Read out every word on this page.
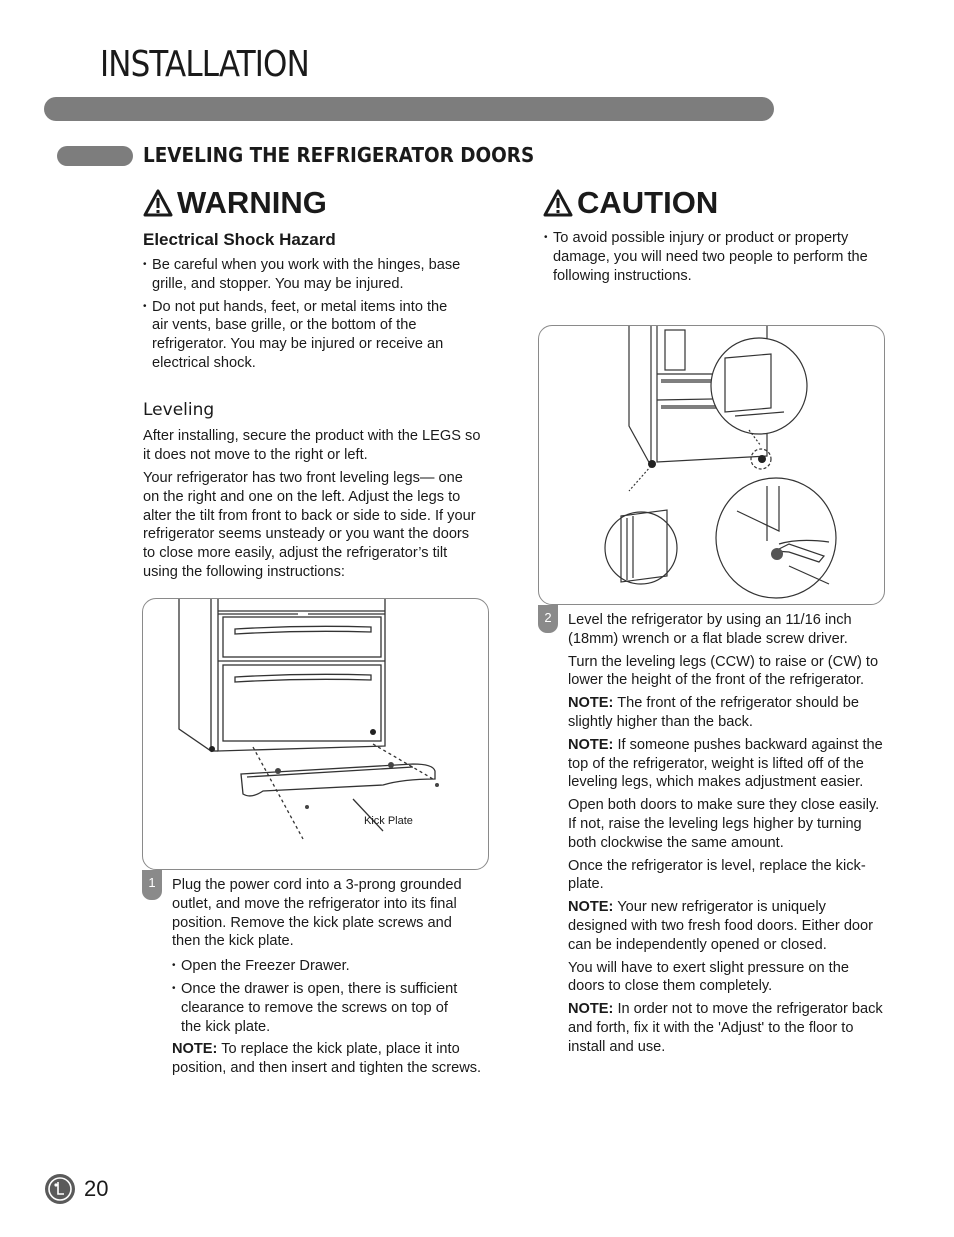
INSTALLATION
LEVELING THE REFRIGERATOR DOORS
WARNING
Electrical Shock Hazard
• Be careful when you work with the hinges, base grille, and stopper. You may be injured.
• Do not put hands, feet, or metal items into the air vents, base grille, or the bottom of the refrigerator. You may be injured or receive an electrical shock.
Leveling
After installing, secure the product with the LEGS so it does not move to the right or left.
Your refrigerator has two front leveling legs— one on the right and one on the left. Adjust the legs to alter the tilt from front to back or side to side. If your refrigerator seems unsteady or you want the doors to close more easily, adjust the refrigerator’s tilt using the following instructions:
Kick Plate
1	Plug the power cord into a 3-prong grounded outlet, and move the refrigerator into its final position. Remove the kick plate screws and then the kick plate.

• Open the Freezer Drawer.
• Once the drawer is open, there is sufficient clearance to remove the screws on top of the kick plate.

NOTE: To replace the kick plate, place it into position, and then insert and tighten the screws.

CAUTION
• To avoid possible injury or product or property damage, you will need two people to perform the following instructions.
2	Level the refrigerator by using an 11/16 inch (18mm) wrench or a flat blade screw driver.

Turn the leveling legs (CCW) to raise or (CW) to lower the height of the front of the refrigerator.

NOTE: The front of the refrigerator should be slightly higher than the back.

NOTE: If someone pushes backward against the top of the refrigerator, weight is lifted off of the leveling legs, which makes adjustment easier.

Open both doors to make sure they close easily. If not, raise the leveling legs higher by turning both clockwise the same amount.

Once the refrigerator is level, replace the kick-plate.

NOTE: Your new refrigerator is uniquely designed with two fresh food doors. Either door can be independently opened or closed.

You will have to exert slight pressure on the doors to close them completely.

NOTE: In order not to move the refrigerator back and forth, fix it with the 'Adjust' to the floor to install and use.

20
